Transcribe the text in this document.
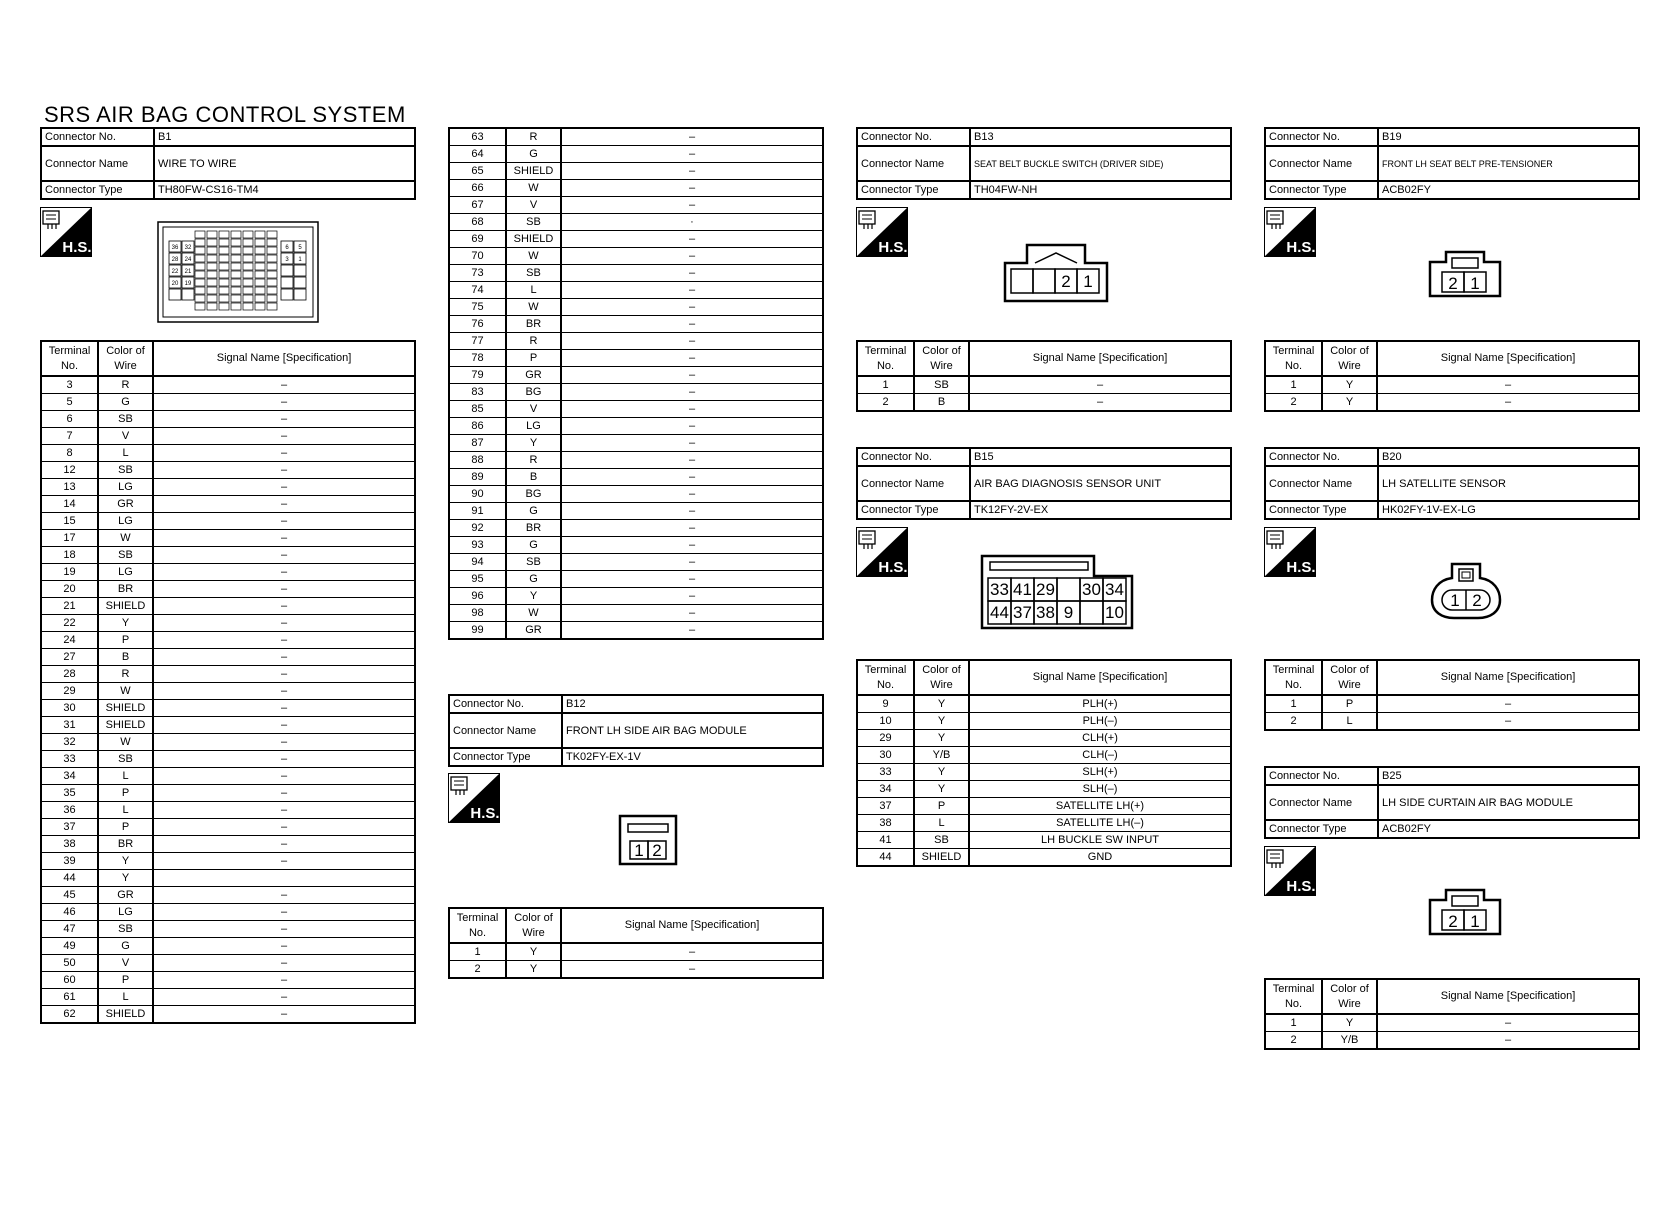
SRS AIR BAG CONTROL SYSTEM
Connector No.	B1
Connector Name	WIRE TO WIRE
Connector Type	TH80FW-CS16-TM4
H.S.	36 32
28 24
22 21
20 19
6 5
3 1
Terminal No.	Color of Wire	Signal Name [Specification]
3	R	–
5	G	–
6	SB	–
7	V	–
8	L	–
12	SB	–
13	LG	–
14	GR	–
15	LG	–
17	W	–
18	SB	–
19	LG	–
20	BR	–
21	SHIELD	–
22	Y	–
24	P	–
27	B	–
28	R	–
29	W	–
30	SHIELD	–
31	SHIELD	–
32	W	–
33	SB	–
34	L	–
35	P	–
36	L	–
37	P	–
38	BR	–
39	Y	–
44	Y	
45	GR	–
46	LG	–
47	SB	–
49	G	–
50	V	–
60	P	–
61	L	–
62	SHIELD	–
63	R	–
64	G	–
65	SHIELD	–
66	W	–
67	V	–
68	SB	·
69	SHIELD	–
70	W	–
73	SB	–
74	L	–
75	W	–
76	BR	–
77	R	–
78	P	–
79	GR	–
83	BG	–
85	V	–
86	LG	–
87	Y	–
88	R	–
89	B	–
90	BG	–
91	G	–
92	BR	–
93	G	–
94	SB	–
95	G	–
96	Y	–
98	W	–
99	GR	–
Connector No.	B12
Connector Name	FRONT LH SIDE AIR BAG MODULE
Connector Type	TK02FY-EX-1V
H.S.
1 2
Terminal No.	Color of Wire	Signal Name [Specification]
1	Y	–
2	Y	–
Connector No.	B13
Connector Name	SEAT BELT BUCKLE SWITCH (DRIVER SIDE)
Connector Type	TH04FW-NH
H.S.
2 1
Terminal No.	Color of Wire	Signal Name [Specification]
1	SB	–
2	B	–
Connector No.	B15
Connector Name	AIR BAG DIAGNOSIS SENSOR UNIT
Connector Type	TK12FY-2V-EX
H.S.
33 41 29 30 34
44 37 38 9 10
Terminal No.	Color of Wire	Signal Name [Specification]
9	Y	PLH(+)
10	Y	PLH(–)
29	Y	CLH(+)
30	Y/B	CLH(–)
33	Y	SLH(+)
34	Y	SLH(–)
37	P	SATELLITE LH(+)
38	L	SATELLITE LH(–)
41	SB	LH BUCKLE SW INPUT
44	SHIELD	GND
Connector No.	B19
Connector Name	FRONT LH SEAT BELT PRE-TENSIONER
Connector Type	ACB02FY
H.S.
2 1
Terminal No.	Color of Wire	Signal Name [Specification]
1	Y	–
2	Y	–
Connector No.	B20
Connector Name	LH SATELLITE SENSOR
Connector Type	HK02FY-1V-EX-LG
H.S.
1 2
Terminal No.	Color of Wire	Signal Name [Specification]
1	P	–
2	L	–
Connector No.	B25
Connector Name	LH SIDE CURTAIN AIR BAG MODULE
Connector Type	ACB02FY
H.S.
2 1
Terminal No.	Color of Wire	Signal Name [Specification]
1	Y	–
2	Y/B	–
